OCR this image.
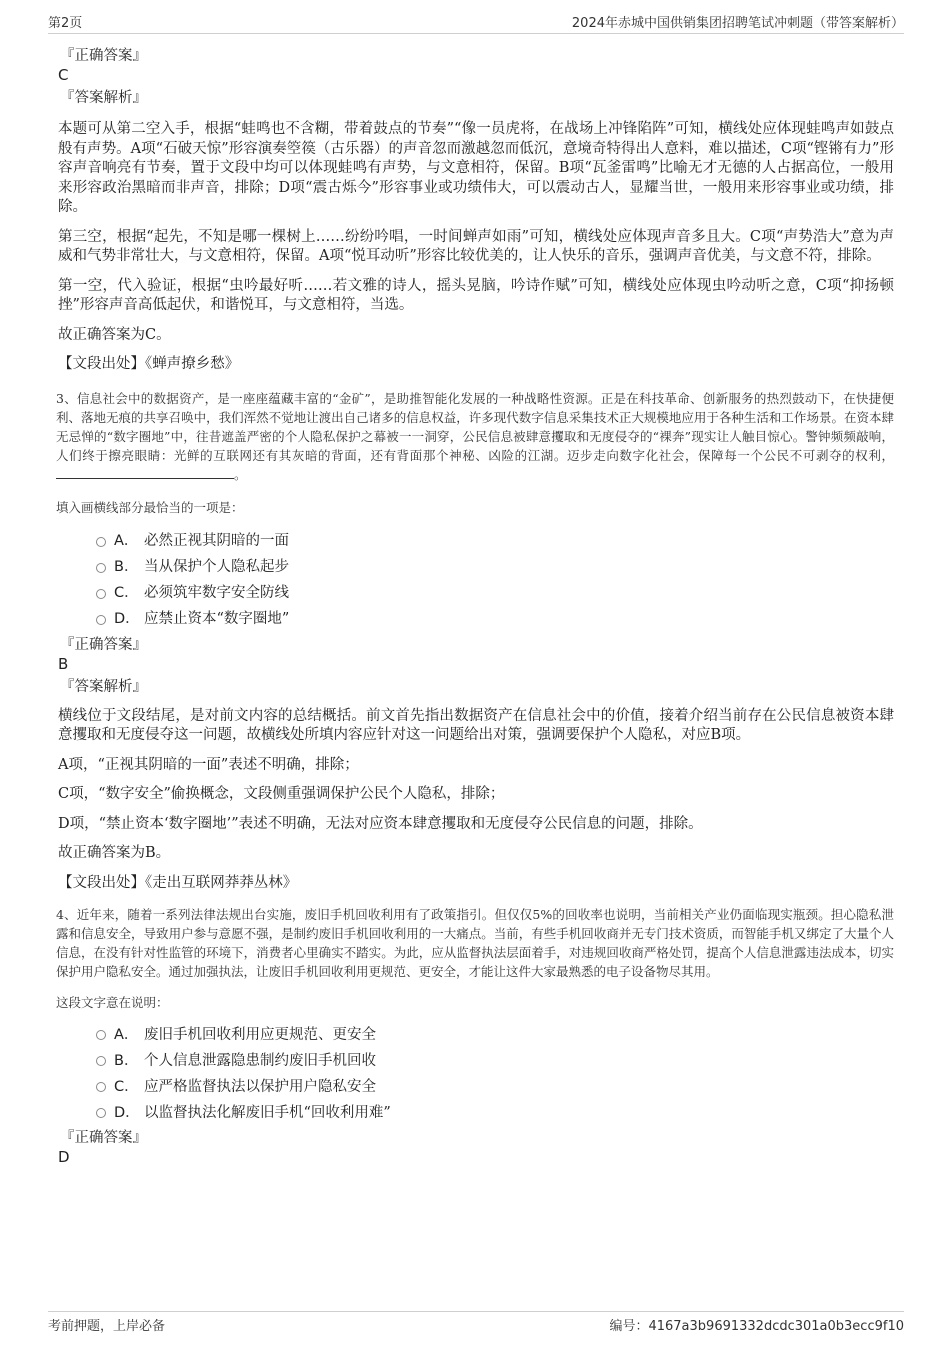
第2页	2024年赤城中国供销集团招聘笔试冲刺题（带答案解析）
『正确答案』
C
『答案解析』
本题可从第二空入手，根据“蛙鸣也不含糊，带着鼓点的节奏”“像一员虎将，在战场上冲锋陷阵”可知，横线处应体现蛙鸣声如鼓点般有声势。A项“石破天惊”形容演奏箜篌（古乐器）的声音忽而激越忽而低沉，意境奇特得出人意料，难以描述，C项“铿锵有力”形容声音响亮有节奏，置于文段中均可以体现蛙鸣有声势，与文意相符，保留。B项“瓦釜雷鸣”比喻无才无德的人占据高位，一般用来形容政治黑暗而非声音，排除；D项“震古烁今”形容事业或功绩伟大，可以震动古人，显耀当世，一般用来形容事业或功绩，排除。
第三空，根据“起先，不知是哪一棵树上……纷纷吟唱，一时间蝉声如雨”可知，横线处应体现声音多且大。C项“声势浩大”意为声威和气势非常壮大，与文意相符，保留。A项“悦耳动听”形容比较优美的，让人快乐的音乐，强调声音优美，与文意不符，排除。
第一空，代入验证，根据“虫吟最好听……若文雅的诗人，摇头晃脑，吟诗作赋”可知，横线处应体现虫吟动听之意，C项“抑扬顿挫”形容声音高低起伏，和谐悦耳，与文意相符，当选。
故正确答案为C。
【文段出处】《蝉声撩乡愁》
3、信息社会中的数据资产，是一座座蕴藏丰富的“金矿”，是助推智能化发展的一种战略性资源。正是在科技革命、创新服务的热烈鼓动下，在快捷便利、落地无痕的共享召唤中，我们浑然不觉地让渡出自己诸多的信息权益，许多现代数字信息采集技术正大规模地应用于各种生活和工作场景。在资本肆无忌惮的“数字圈地”中，往昔遮盖严密的个人隐私保护之幕被一一洞穿，公民信息被肆意攫取和无度侵夺的“裸奔”现实让人触目惊心。警钟频频敲响，人们终于擦亮眼睛：光鲜的互联网还有其灰暗的背面，还有背面那个神秘、凶险的江湖。迈步走向数字化社会，保障每一个公民不可剥夺的权利，。
填入画横线部分最恰当的一项是：
A． 必然正视其阴暗的一面
B． 当从保护个人隐私起步
C． 必须筑牢数字安全防线
D． 应禁止资本“数字圈地”
『正确答案』
B
『答案解析』
横线位于文段结尾，是对前文内容的总结概括。前文首先指出数据资产在信息社会中的价值，接着介绍当前存在公民信息被资本肆意攫取和无度侵夺这一问题，故横线处所填内容应针对这一问题给出对策，强调要保护个人隐私，对应B项。
A项，“正视其阴暗的一面”表述不明确，排除；
C项，“数字安全”偷换概念，文段侧重强调保护公民个人隐私，排除；
D项，“禁止资本‘数字圈地’”表述不明确，无法对应资本肆意攫取和无度侵夺公民信息的问题，排除。
故正确答案为B。
【文段出处】《走出互联网莽莽丛林》
4、近年来，随着一系列法律法规出台实施，废旧手机回收利用有了政策指引。但仅仅5%的回收率也说明，当前相关产业仍面临现实瓶颈。担心隐私泄露和信息安全，导致用户参与意愿不强，是制约废旧手机回收利用的一大痛点。当前，有些手机回收商并无专门技术资质，而智能手机又绑定了大量个人信息，在没有针对性监管的环境下，消费者心里确实不踏实。为此，应从监督执法层面着手，对违规回收商严格处罚，提高个人信息泄露违法成本，切实保护用户隐私安全。通过加强执法，让废旧手机回收利用更规范、更安全，才能让这件大家最熟悉的电子设备物尽其用。
这段文字意在说明：
A． 废旧手机回收利用应更规范、更安全
B． 个人信息泄露隐患制约废旧手机回收
C． 应严格监督执法以保护用户隐私安全
D． 以监督执法化解废旧手机“回收利用难”
『正确答案』
D
考前押题，上岸必备	编号：4167a3b9691332dcdc301a0b3ecc9f10
